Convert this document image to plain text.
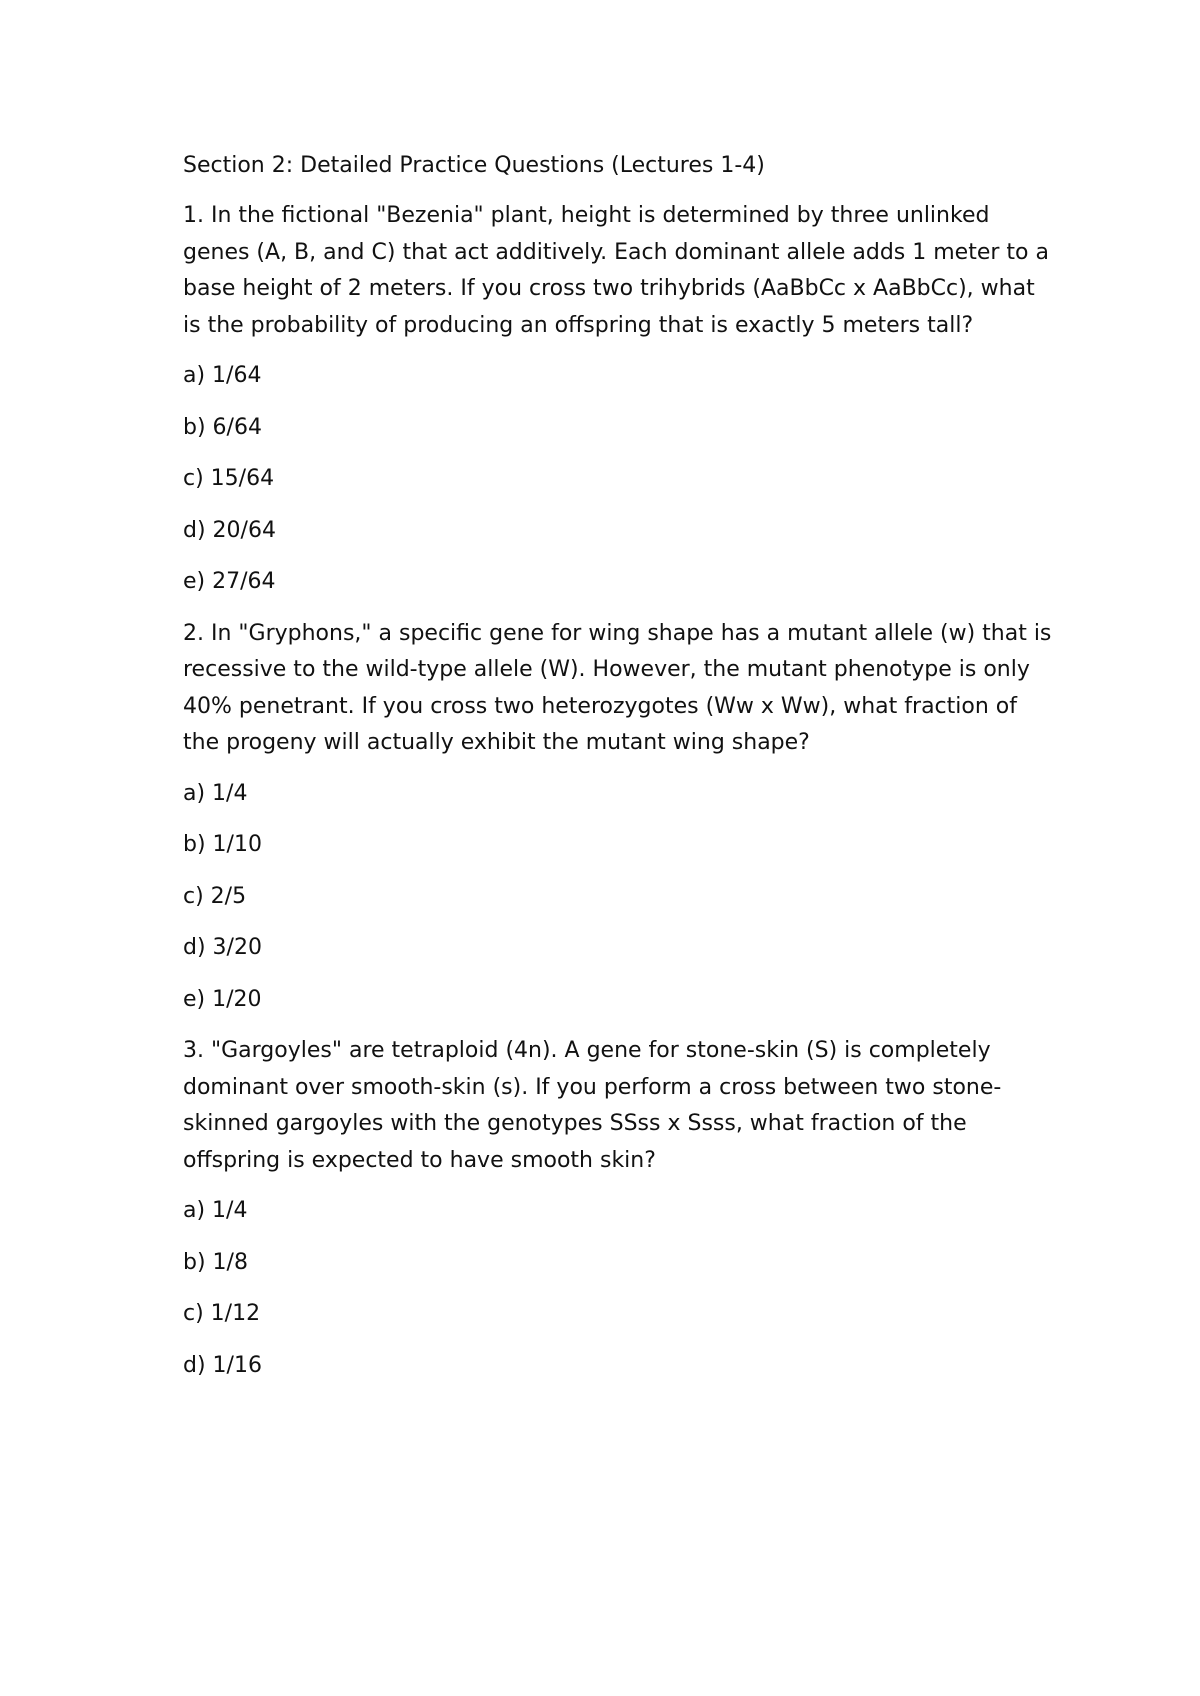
Section 2: Detailed Practice Questions (Lectures 1-4)
1. In the fictional "Bezenia" plant, height is determined by three unlinked genes (A, B, and C) that act additively. Each dominant allele adds 1 meter to a base height of 2 meters. If you cross two trihybrids (AaBbCc x AaBbCc), what is the probability of producing an offspring that is exactly 5 meters tall?
a) 1/64
b) 6/64
c) 15/64
d) 20/64
e) 27/64
2. In "Gryphons," a specific gene for wing shape has a mutant allele (w) that is recessive to the wild-type allele (W). However, the mutant phenotype is only 40% penetrant. If you cross two heterozygotes (Ww x Ww), what fraction of the progeny will actually exhibit the mutant wing shape?
a) 1/4
b) 1/10
c) 2/5
d) 3/20
e) 1/20
3. "Gargoyles" are tetraploid (4n). A gene for stone-skin (S) is completely dominant over smooth-skin (s). If you perform a cross between two stone-skinned gargoyles with the genotypes SSss x Ssss, what fraction of the offspring is expected to have smooth skin?
a) 1/4
b) 1/8
c) 1/12
d) 1/16
